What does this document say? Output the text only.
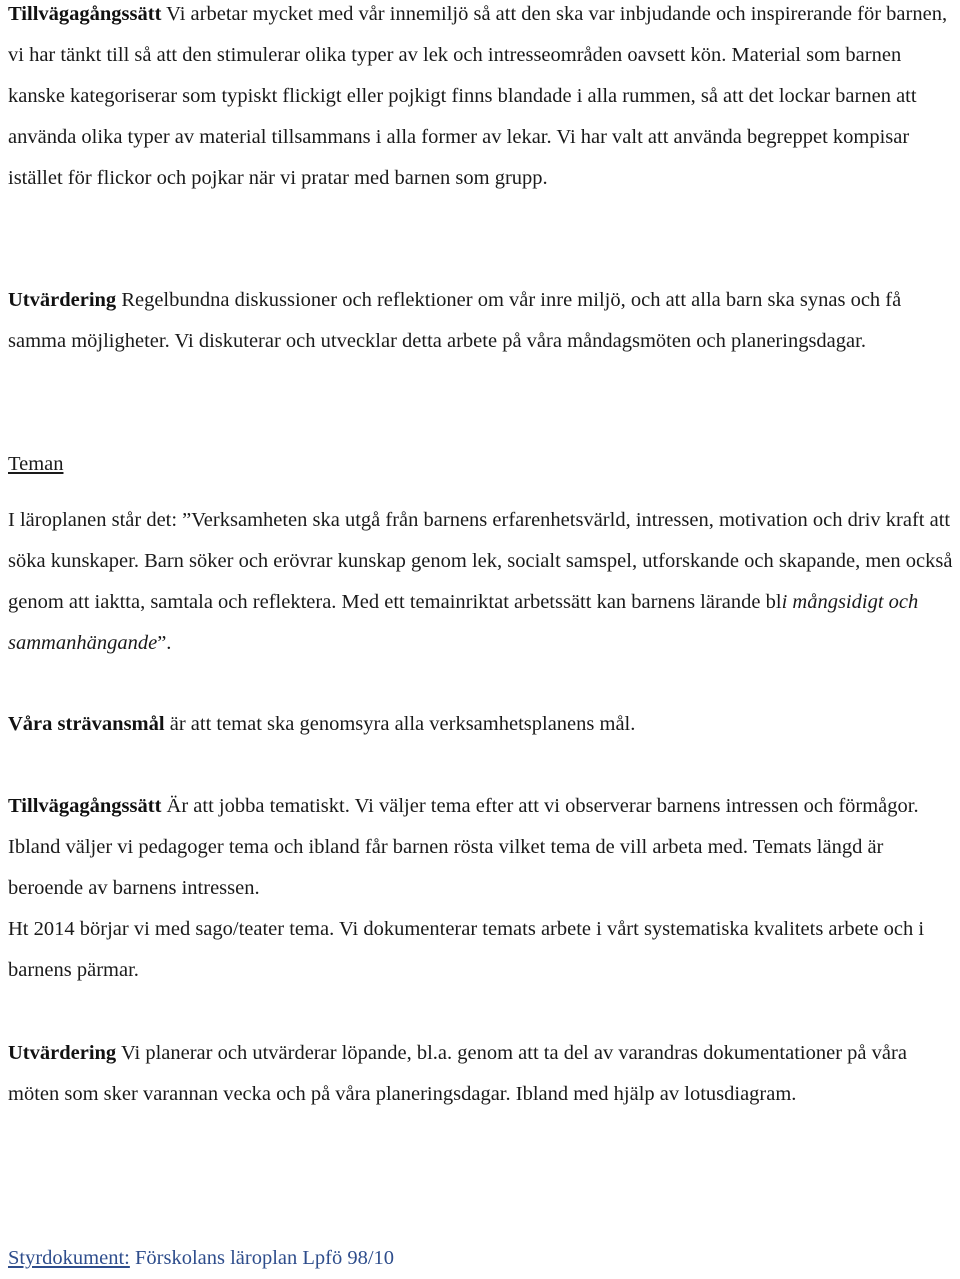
Tillvägagångssätt Vi arbetar mycket med vår innemiljö så att den ska var inbjudande och inspirerande för barnen, vi har tänkt till så att den stimulerar olika typer av lek och intresseområden oavsett kön. Material som barnen kanske kategoriserar som typiskt flickigt eller pojkigt finns blandade i alla rummen, så att det lockar barnen att använda olika typer av material tillsammans i alla former av lekar. Vi har valt att använda begreppet kompisar istället för flickor och pojkar när vi pratar med barnen som grupp.

Utvärdering Regelbundna diskussioner och reflektioner om vår inre miljö, och att alla barn ska synas och få samma möjligheter. Vi diskuterar och utvecklar detta arbete på våra måndagsmöten och planeringsdagar.

Teman

I läroplanen står det: ”Verksamheten ska utgå från barnens erfarenhetsvärld, intressen, motivation och driv kraft att söka kunskaper. Barn söker och erövrar kunskap genom lek, socialt samspel, utforskande och skapande, men också genom att iaktta, samtala och reflektera. Med ett temainriktat arbetssätt kan barnens lärande bli mångsidigt och sammanhängande”.

Våra strävansmål är att temat ska genomsyra alla verksamhetsplanens mål.

Tillvägagångssätt Är att jobba tematiskt. Vi väljer tema efter att vi observerar barnens intressen och förmågor. Ibland väljer vi pedagoger tema och ibland får barnen rösta vilket tema de vill arbeta med. Temats längd är beroende av barnens intressen.

Ht 2014 börjar vi med sago/teater tema. Vi dokumenterar temats arbete i vårt systematiska kvalitets arbete och i barnens pärmar.

Utvärdering Vi planerar och utvärderar löpande, bl.a. genom att ta del av varandras dokumentationer på våra möten som sker varannan vecka och på våra planeringsdagar. Ibland med hjälp av lotusdiagram.

Styrdokument: Förskolans läroplan Lpfö 98/10
